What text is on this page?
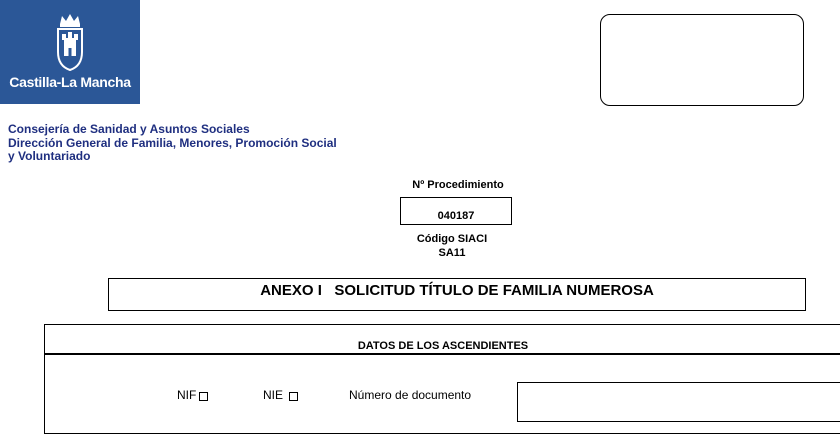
Castilla-La Mancha
Consejería de Sanidad y Asuntos Sociales
Dirección General de Familia, Menores, Promoción Social
y Voluntariado
Nº Procedimiento
040187
Código SIACI
SA11
ANEXO I   SOLICITUD TÍTULO DE FAMILIA NUMEROSA
DATOS DE LOS ASCENDIENTES
NIF	NIE	Número de documento
